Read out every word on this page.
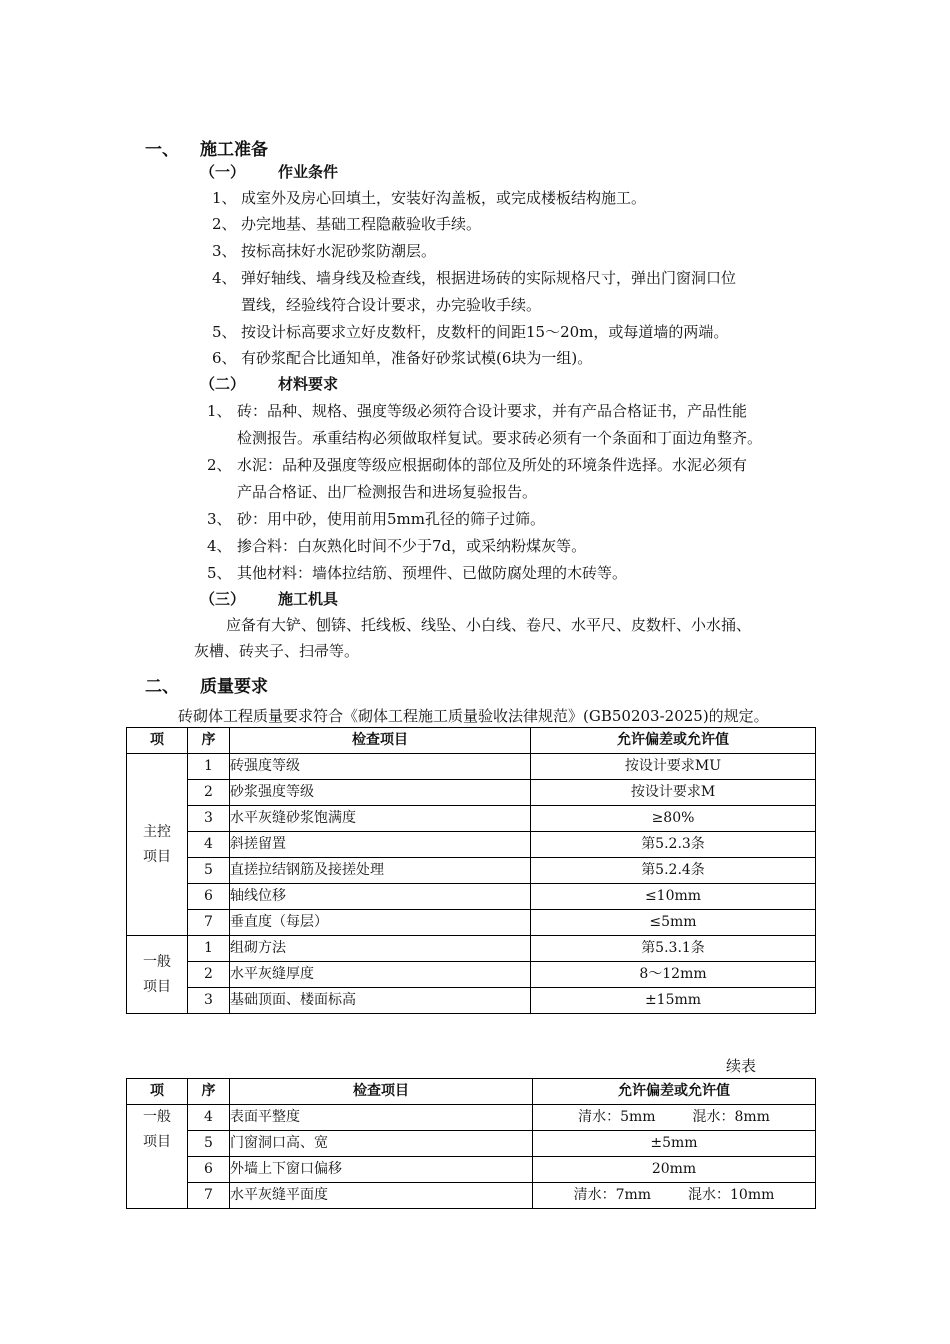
一、 施工准备
（一） 作业条件
1、 成室外及房心回填土，安装好沟盖板，或完成楼板结构施工。
2、 办完地基、基础工程隐蔽验收手续。
3、 按标高抹好水泥砂浆防潮层。
4、 弹好轴线、墙身线及检查线，根据进场砖的实际规格尺寸，弹出门窗洞口位
置线，经验线符合设计要求，办完验收手续。
5、 按设计标高要求立好皮数杆，皮数杆的间距15～20m，或每道墙的两端。
6、 有砂浆配合比通知单，准备好砂浆试模(6块为一组)。
（二） 材料要求
1、 砖：品种、规格、强度等级必须符合设计要求，并有产品合格证书，产品性能
检测报告。承重结构必须做取样复试。要求砖必须有一个条面和丁面边角整齐。
2、 水泥：品种及强度等级应根据砌体的部位及所处的环境条件选择。水泥必须有
产品合格证、出厂检测报告和进场复验报告。
3、 砂：用中砂，使用前用5mm孔径的筛子过筛。
4、 掺合料：白灰熟化时间不少于7d，或采纳粉煤灰等。
5、 其他材料：墙体拉结筋、预埋件、已做防腐处理的木砖等。
（三） 施工机具
应备有大铲、刨锛、托线板、线坠、小白线、卷尺、水平尺、皮数杆、小水捅、
灰槽、砖夹子、扫帚等。
二、 质量要求
砖砌体工程质量要求符合《砌体工程施工质量验收法律规范》(GB50203-2025)的规定。
项	序	检查项目	允许偏差或允许值

主控
项目	1	砖强度等级	按设计要求MU
	2	砂浆强度等级	按设计要求M
	3	水平灰缝砂浆饱满度	≥80%
	4	斜搓留置	第5.2.3条
	5	直搓拉结钢筋及接搓处理	第5.2.4条
	6	轴线位移	≤10mm
	7	垂直度（每层）	≤5mm

一般
项目	1	组砌方法	第5.3.1条
	2	水平灰缝厚度	8～12mm
	3	基础顶面、楼面标高	±15mm
续表
项	序	检查项目	允许偏差或允许值

一般
项目	4	表面平整度	清水：5mm 混水：8mm
	5	门窗洞口高、宽	±5mm
	6	外墙上下窗口偏移	20mm
	7	水平灰缝平面度	清水：7mm 混水：10mm
